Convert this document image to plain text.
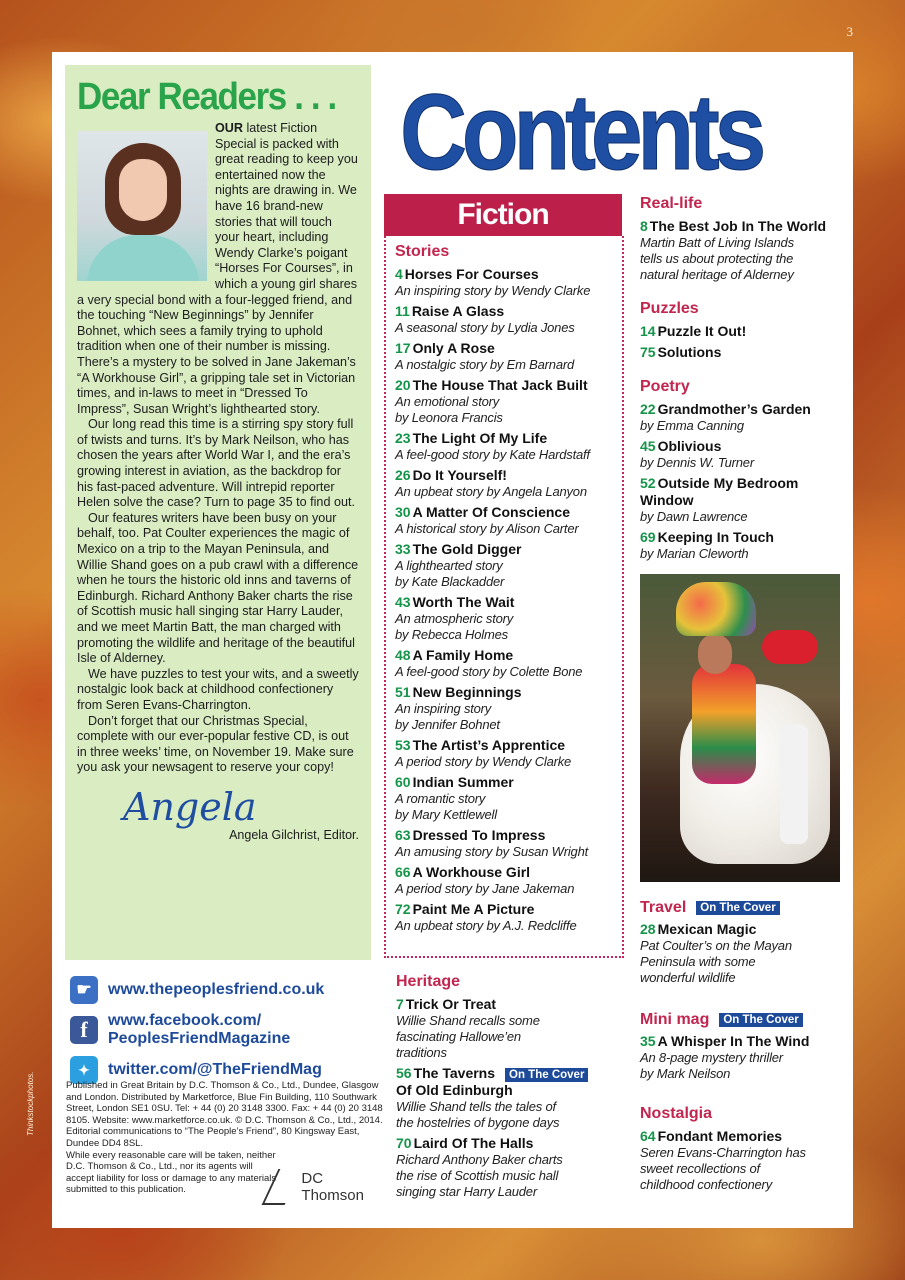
3
Thinkstockphotos.
Dear Readers . . .

OUR latest Fiction Special is packed with great reading to keep you entertained now the nights are drawing in. We have 16 brand-new stories that will touch your heart, including Wendy Clarke’s poigant “Horses For Courses”, in which a young girl shares a very special bond with a four-legged friend, and the touching “New Beginnings” by Jennifer Bohnet, which sees a family trying to uphold tradition when one of their number is missing. There’s a mystery to be solved in Jane Jakeman’s “A Workhouse Girl”, a gripping tale set in Victorian times, and in-laws to meet in “Dressed To Impress”, Susan Wright’s lighthearted story.

Our long read this time is a stirring spy story full of twists and turns. It’s by Mark Neilson, who has chosen the years after World War I, and the era’s growing interest in aviation, as the backdrop for his fast-paced adventure. Will intrepid reporter Helen solve the case? Turn to page 35 to find out.

Our features writers have been busy on your behalf, too. Pat Coulter experiences the magic of Mexico on a trip to the Mayan Peninsula, and Willie Shand goes on a pub crawl with a difference when he tours the historic old inns and taverns of Edinburgh. Richard Anthony Baker charts the rise of Scottish music hall singing star Harry Lauder, and we meet Martin Batt, the man charged with promoting the wildlife and heritage of the beautiful Isle of Alderney.

We have puzzles to test your wits, and a sweetly nostalgic look back at childhood confectionery from Seren Evans-Charrington.

Don’t forget that our Christmas Special, complete with our ever-popular festive CD, is out in three weeks’ time, on November 19. Make sure you ask your newsagent to reserve your copy!

Angela
Angela Gilchrist, Editor.
☛	www.thepeoplesfriend.co.uk
f	www.facebook.com/
PeoplesFriendMagazine
✦	twitter.com/@TheFriendMag
Published in Great Britain by D.C. Thomson & Co., Ltd., Dundee, Glasgow and London. Distributed by Marketforce, Blue Fin Building, 110 Southwark Street, London SE1 0SU. Tel: + 44 (0) 20 3148 3300. Fax: + 44 (0) 20 3148 8105. Website: www.marketforce.co.uk. © D.C. Thomson & Co., Ltd., 2014. Editorial communications to “The People’s Friend”, 80 Kingsway East, Dundee DD4 8SL.
While every reasonable care will be taken, neither D.C. Thomson & Co., Ltd., nor its agents will accept liability for loss or damage to any materials submitted to this publication.
DC Thomson
Contents
Fiction
Stories
4 Horses For Courses
An inspiring story by Wendy Clarke
11 Raise A Glass
A seasonal story by Lydia Jones
17 Only A Rose
A nostalgic story by Em Barnard
20 The House That Jack Built
An emotional story
by Leonora Francis
23 The Light Of My Life
A feel-good story by Kate Hardstaff
26 Do It Yourself!
An upbeat story by Angela Lanyon
30 A Matter Of Conscience
A historical story by Alison Carter
33 The Gold Digger
A lighthearted story
by Kate Blackadder
43 Worth The Wait
An atmospheric story
by Rebecca Holmes
48 A Family Home
A feel-good story by Colette Bone
51 New Beginnings
An inspiring story
by Jennifer Bohnet
53 The Artist’s Apprentice
A period story by Wendy Clarke
60 Indian Summer
A romantic story
by Mary Kettlewell
63 Dressed To Impress
An amusing story by Susan Wright
66 A Workhouse Girl
A period story by Jane Jakeman
72 Paint Me A Picture
An upbeat story by A.J. Redcliffe
Heritage
7 Trick Or Treat
Willie Shand recalls some
fascinating Hallowe’en
traditions
56 The Taverns On The Cover
Of Old Edinburgh
Willie Shand tells the tales of
the hostelries of bygone days
70 Laird Of The Halls
Richard Anthony Baker charts
the rise of Scottish music hall
singing star Harry Lauder
Real-life
8 The Best Job In The World
Martin Batt of Living Islands
tells us about protecting the
natural heritage of Alderney
Puzzles
14 Puzzle It Out!
75 Solutions
Poetry
22 Grandmother’s Garden
by Emma Canning
45 Oblivious
by Dennis W. Turner
52 Outside My Bedroom Window
by Dawn Lawrence
69 Keeping In Touch
by Marian Cleworth
Travel	On The Cover
28 Mexican Magic
Pat Coulter’s on the Mayan
Peninsula with some
wonderful wildlife
Mini mag	On The Cover
35 A Whisper In The Wind
An 8-page mystery thriller
by Mark Neilson
Nostalgia
64 Fondant Memories
Seren Evans-Charrington has
sweet recollections of
childhood confectionery
